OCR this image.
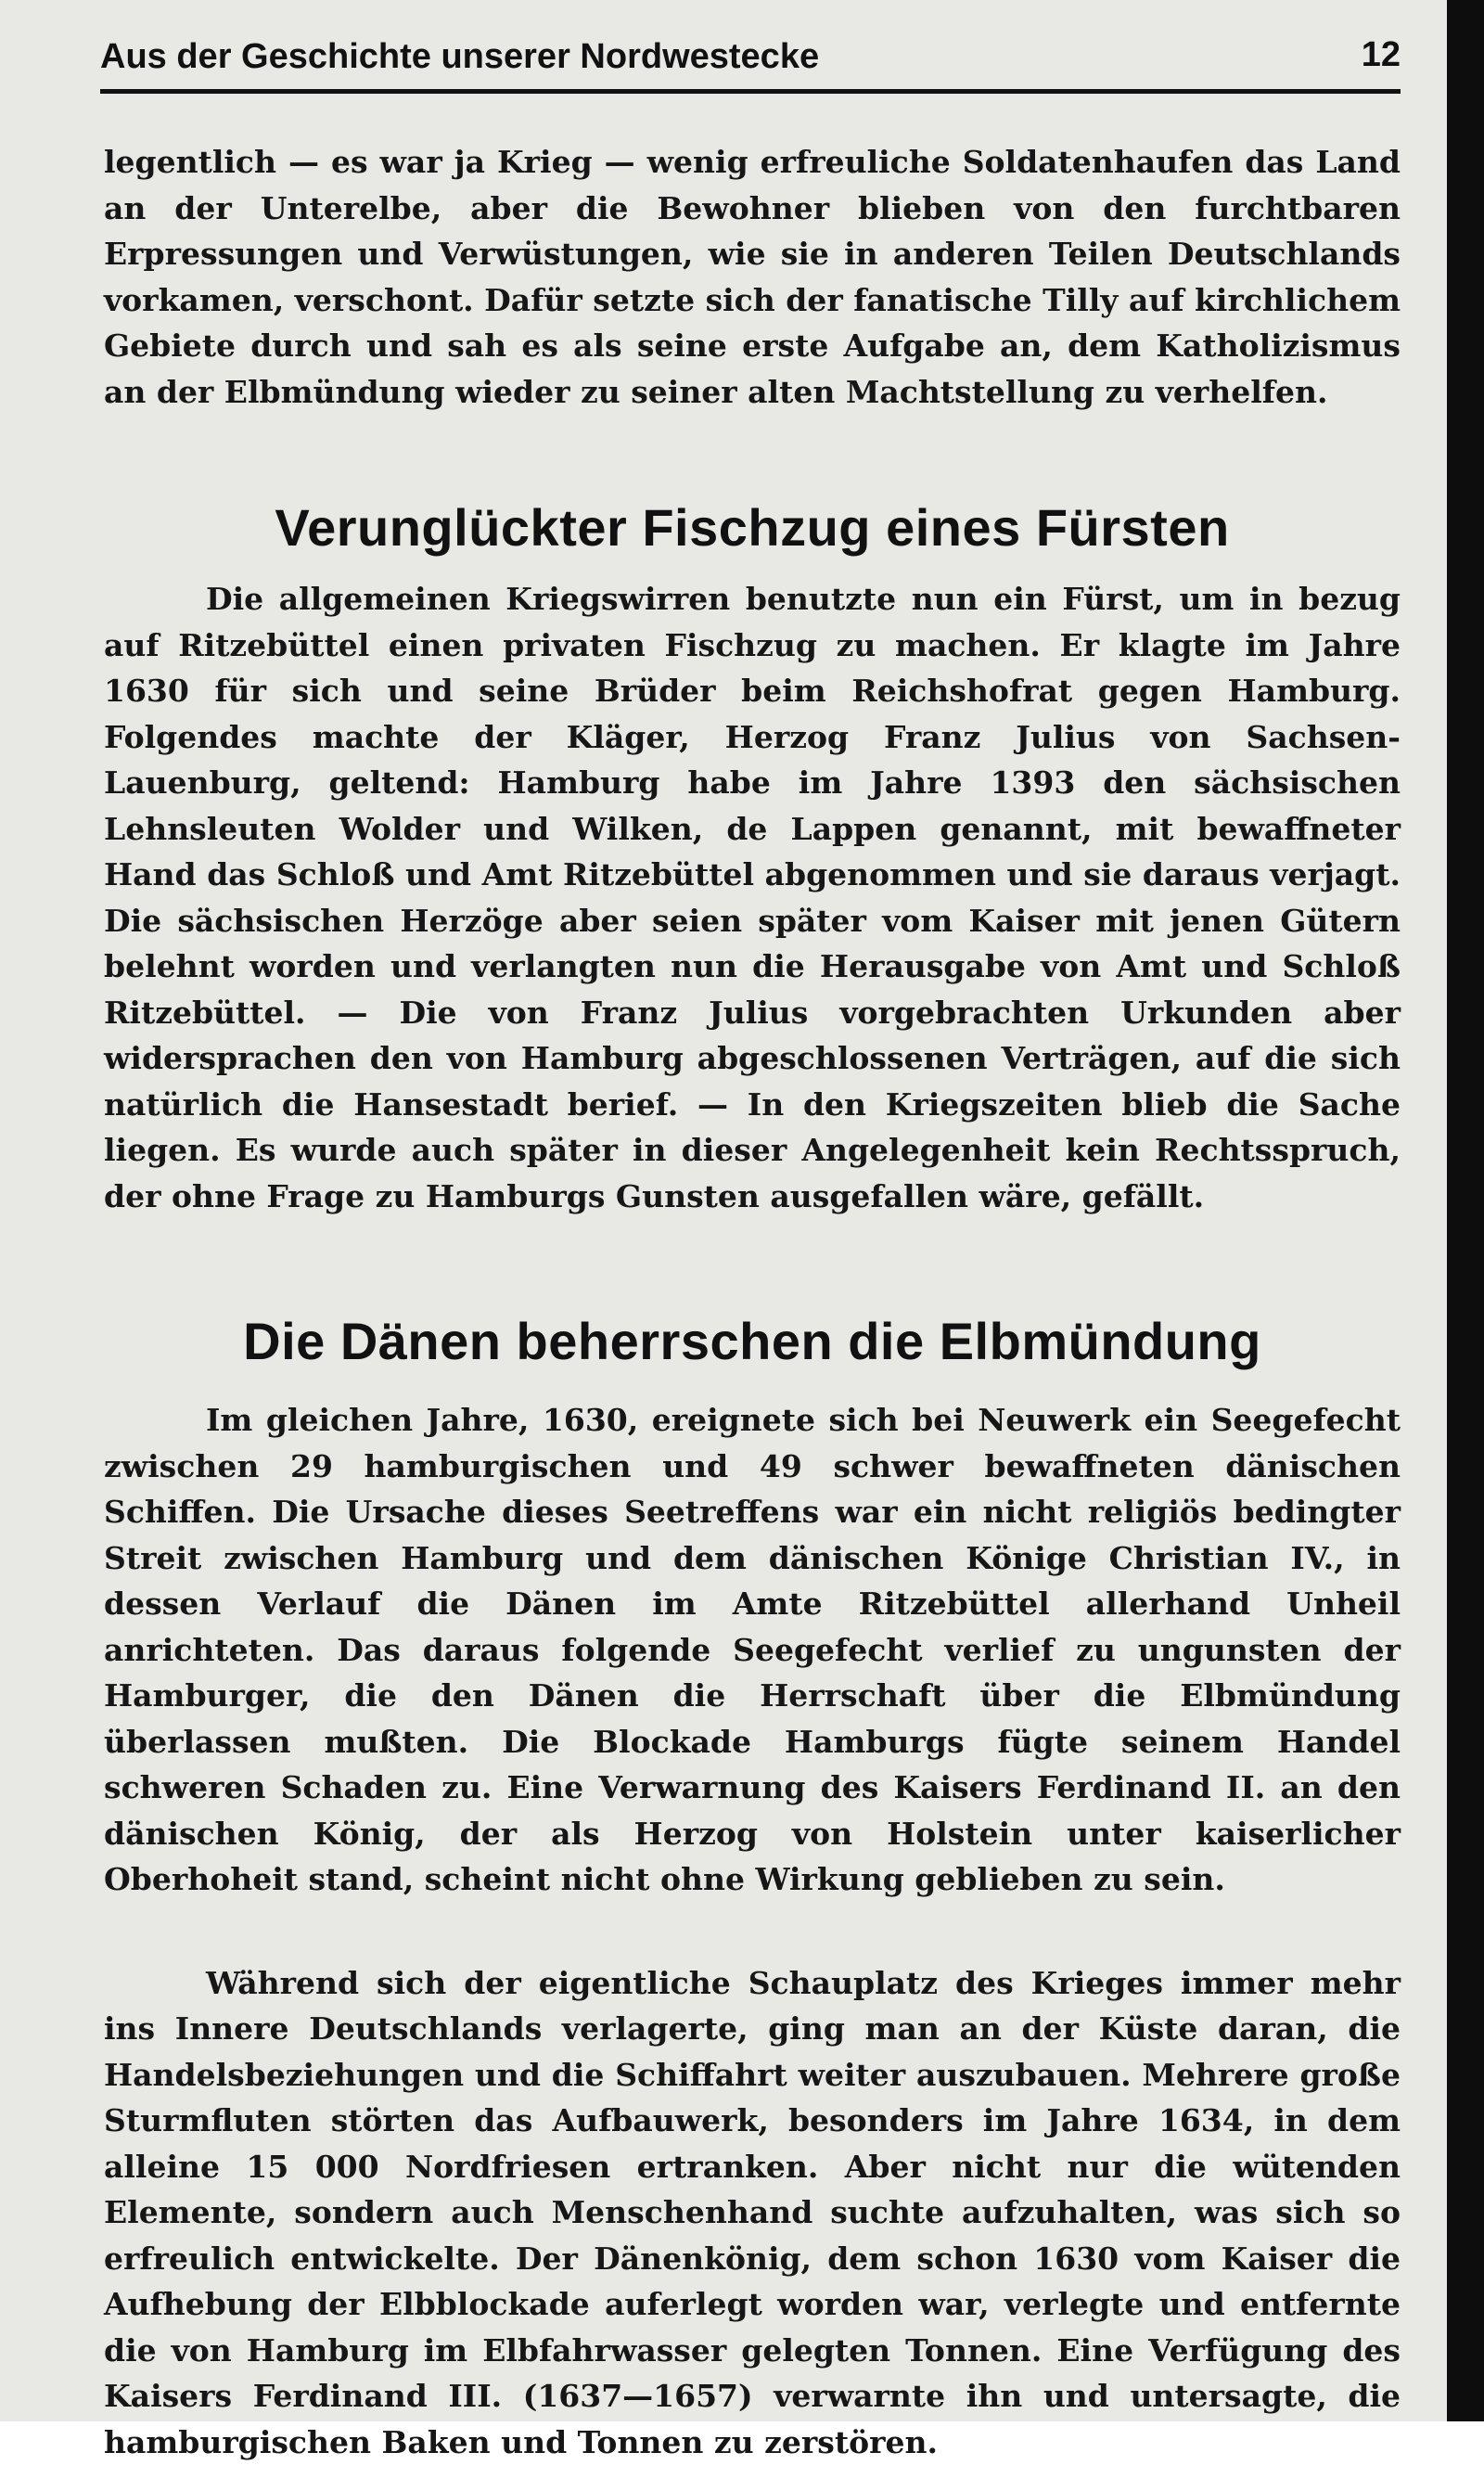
Aus der Geschichte unserer Nordwestecke	12

legentlich — es war ja Krieg — wenig erfreuliche Soldatenhaufen das Land an der Unterelbe, aber die Bewohner blieben von den furchtbaren Erpressungen und Verwüstungen, wie sie in anderen Teilen Deutschlands vorkamen, verschont. Dafür setzte sich der fanatische Tilly auf kirchlichem Gebiete durch und sah es als seine erste Aufgabe an, dem Katholizismus an der Elbmündung wieder zu seiner alten Machtstellung zu verhelfen.

Verunglückter Fischzug eines Fürsten

Die allgemeinen Kriegswirren benutzte nun ein Fürst, um in bezug auf Ritzebüttel einen privaten Fischzug zu machen. Er klagte im Jahre 1630 für sich und seine Brüder beim Reichshofrat gegen Hamburg. Folgendes machte der Kläger, Herzog Franz Julius von Sachsen-Lauenburg, geltend: Hamburg habe im Jahre 1393 den sächsischen Lehnsleuten Wolder und Wilken, de Lappen genannt, mit bewaffneter Hand das Schloß und Amt Ritzebüttel abgenommen und sie daraus verjagt. Die sächsischen Herzöge aber seien später vom Kaiser mit jenen Gütern belehnt worden und verlangten nun die Herausgabe von Amt und Schloß Ritzebüttel. — Die von Franz Julius vorgebrachten Urkunden aber widersprachen den von Hamburg abgeschlossenen Verträgen, auf die sich natürlich die Hansestadt berief. — In den Kriegszeiten blieb die Sache liegen. Es wurde auch später in dieser Angelegenheit kein Rechtsspruch, der ohne Frage zu Hamburgs Gunsten ausgefallen wäre, gefällt.

Die Dänen beherrschen die Elbmündung

Im gleichen Jahre, 1630, ereignete sich bei Neuwerk ein Seegefecht zwischen 29 hamburgischen und 49 schwer bewaffneten dänischen Schiffen. Die Ursache dieses Seetreffens war ein nicht religiös bedingter Streit zwischen Hamburg und dem dänischen Könige Christian IV., in dessen Verlauf die Dänen im Amte Ritzebüttel allerhand Unheil anrichteten. Das daraus folgende Seegefecht verlief zu ungunsten der Hamburger, die den Dänen die Herrschaft über die Elbmündung überlassen mußten. Die Blockade Hamburgs fügte seinem Handel schweren Schaden zu. Eine Verwarnung des Kaisers Ferdinand II. an den dänischen König, der als Herzog von Holstein unter kaiserlicher Oberhoheit stand, scheint nicht ohne Wirkung geblieben zu sein.

Während sich der eigentliche Schauplatz des Krieges immer mehr ins Innere Deutschlands verlagerte, ging man an der Küste daran, die Handelsbeziehungen und die Schiffahrt weiter auszubauen. Mehrere große Sturmfluten störten das Aufbauwerk, besonders im Jahre 1634, in dem alleine 15 000 Nordfriesen ertranken. Aber nicht nur die wütenden Elemente, sondern auch Menschenhand suchte aufzuhalten, was sich so erfreulich entwickelte. Der Dänenkönig, dem schon 1630 vom Kaiser die Aufhebung der Elbblockade auferlegt worden war, verlegte und entfernte die von Hamburg im Elbfahrwasser gelegten Tonnen. Eine Verfügung des Kaisers Ferdinand III. (1637—1657) verwarnte ihn und untersagte, die hamburgischen Baken und Tonnen zu zerstören.
